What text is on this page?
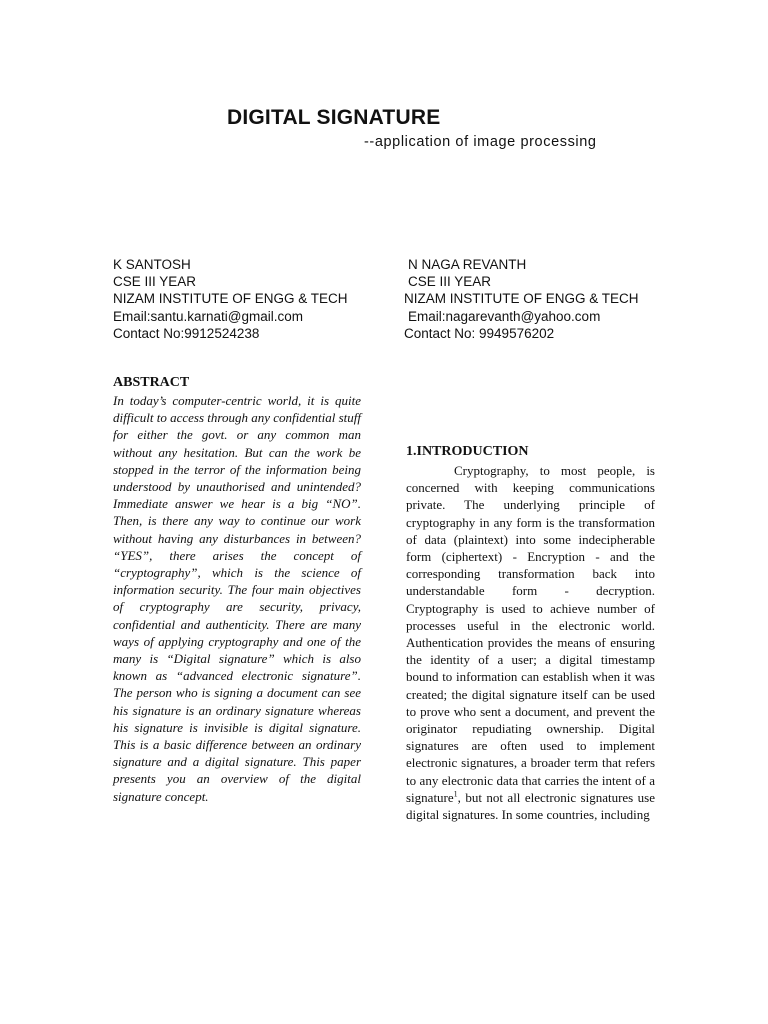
DIGITAL SIGNATURE
--application of image processing
K SANTOSH
CSE III YEAR
NIZAM INSTITUTE OF ENGG & TECH
Email:santu.karnati@gmail.com
Contact No:9912524238
N NAGA REVANTH
CSE III YEAR
NIZAM INSTITUTE OF ENGG & TECH
Email:nagarevanth@yahoo.com
Contact No: 9949576202
ABSTRACT

In today’s computer-centric world, it is quite difficult to access through any confidential stuff for either the govt. or any common man without any hesitation. But can the work be stopped in the terror of the information being understood by unauthorised and unintended? Immediate answer we hear is a big “NO”. Then, is there any way to continue our work without having any disturbances in between? “YES”, there arises the concept of “cryptography”, which is the science of information security. The four main objectives of cryptography are security, privacy, confidential and authenticity. There are many ways of applying cryptography and one of the many is “Digital signature” which is also known as “advanced electronic signature”. The person who is signing a document can see his signature is an ordinary signature whereas his signature is invisible is digital signature. This is a basic difference between an ordinary signature and a digital signature. This paper presents you an overview of the digital signature concept.

1.INTRODUCTION

Cryptography, to most people, is concerned with keeping communications private. The underlying principle of cryptography in any form is the transformation of data (plaintext) into some indecipherable form (ciphertext) - Encryption - and the corresponding transformation back into understandable form - decryption. Cryptography is used to achieve number of processes useful in the electronic world. Authentication provides the means of ensuring the identity of a user; a digital timestamp bound to information can establish when it was created; the digital signature itself can be used to prove who sent a document, and prevent the originator repudiating ownership. Digital signatures are often used to implement electronic signatures, a broader term that refers to any electronic data that carries the intent of a signature$^1$, but not all electronic signatures use digital signatures. In some countries, including
